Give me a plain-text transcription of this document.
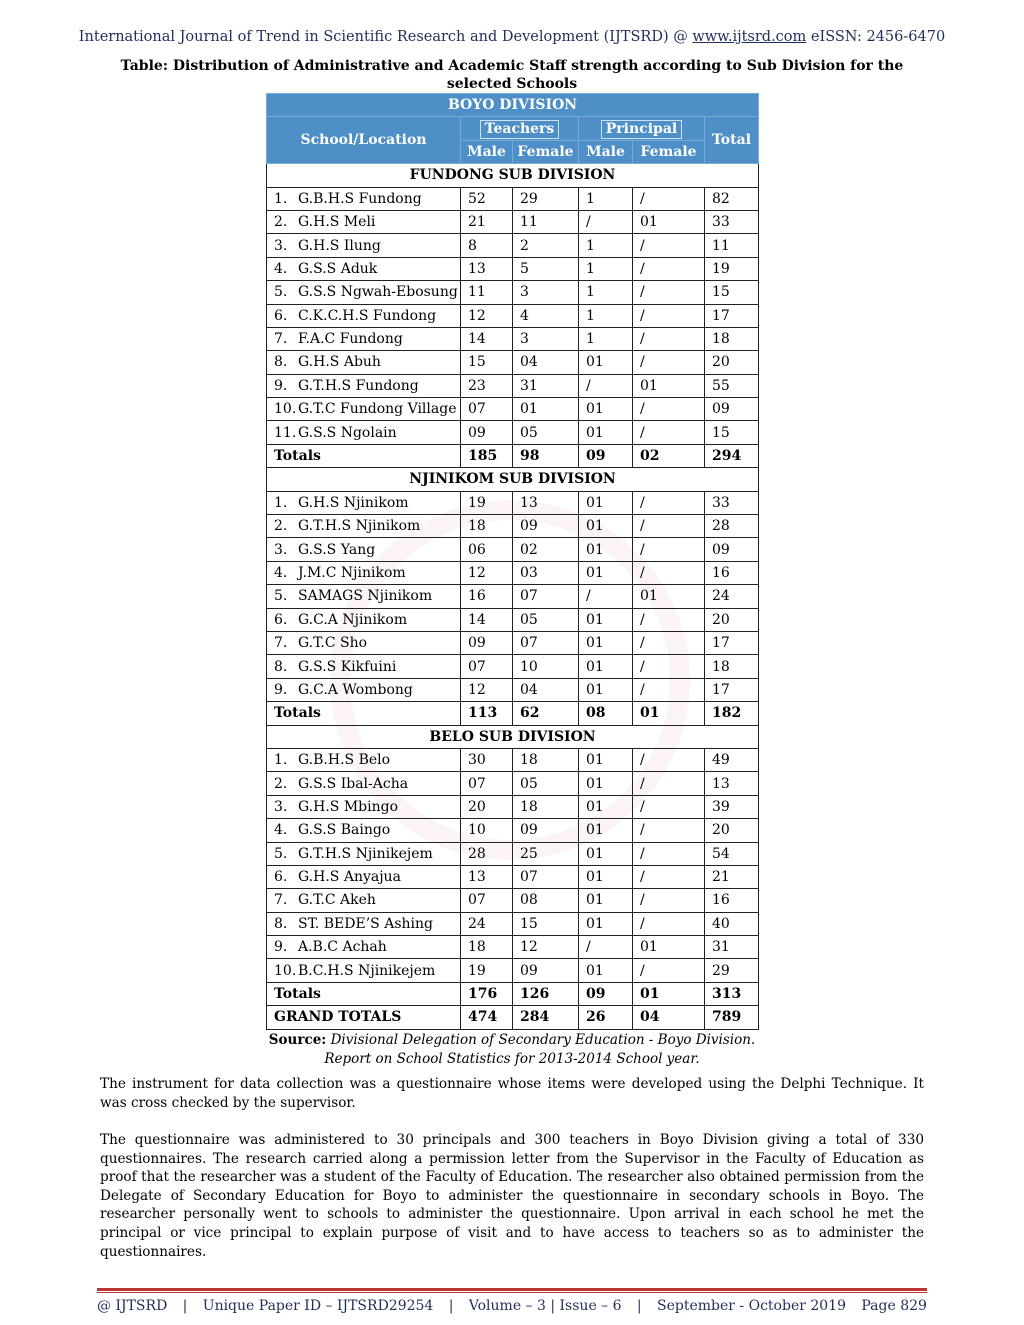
International Journal of Trend in Scientific Research and Development (IJTSRD) @ www.ijtsrd.com eISSN: 2456-6470
Table: Distribution of Administrative and Academic Staff strength according to Sub Division for the selected Schools
BOYO DIVISION					
School/Location	Teachers		Principal		Total
	Male	Female	Male	Female	
FUNDONG SUB DIVISION					
1. G.B.H.S Fundong	52	29	1	/	82
2. G.H.S Meli	21	11	/	01	33
3. G.H.S Ilung	8	2	1	/	11
4. G.S.S Aduk	13	5	1	/	19
5. G.S.S Ngwah-Ebosung	11	3	1	/	15
6. C.K.C.H.S Fundong	12	4	1	/	17
7. F.A.C Fundong	14	3	1	/	18
8. G.H.S Abuh	15	04	01	/	20
9. G.T.H.S Fundong	23	31	/	01	55
10. G.T.C Fundong Village	07	01	01	/	09
11. G.S.S Ngolain	09	05	01	/	15
Totals	185	98	09	02	294
NJINIKOM SUB DIVISION					
1. G.H.S Njinikom	19	13	01	/	33
2. G.T.H.S Njinikom	18	09	01	/	28
3. G.S.S Yang	06	02	01	/	09
4. J.M.C Njinikom	12	03	01	/	16
5. SAMAGS Njinikom	16	07	/	01	24
6. G.C.A Njinikom	14	05	01	/	20
7. G.T.C Sho	09	07	01	/	17
8. G.S.S Kikfuini	07	10	01	/	18
9. G.C.A Wombong	12	04	01	/	17
Totals	113	62	08	01	182
BELO SUB DIVISION					
1. G.B.H.S Belo	30	18	01	/	49
2. G.S.S Ibal-Acha	07	05	01	/	13
3. G.H.S Mbingo	20	18	01	/	39
4. G.S.S Baingo	10	09	01	/	20
5. G.T.H.S Njinikejem	28	25	01	/	54
6. G.H.S Anyajua	13	07	01	/	21
7. G.T.C Akeh	07	08	01	/	16
8. ST. BEDE’S Ashing	24	15	01	/	40
9. A.B.C Achah	18	12	/	01	31
10. B.C.H.S Njinikejem	19	09	01	/	29
Totals	176	126	09	01	313
GRAND TOTALS	474	284	26	04	789
Source: Divisional Delegation of Secondary Education - Boyo Division.
Report on School Statistics for 2013-2014 School year.

The instrument for data collection was a questionnaire whose items were developed using the Delphi Technique. It was cross checked by the supervisor.

The questionnaire was administered to 30 principals and 300 teachers in Boyo Division giving a total of 330 questionnaires. The research carried along a permission letter from the Supervisor in the Faculty of Education as proof that the researcher was a student of the Faculty of Education. The researcher also obtained permission from the Delegate of Secondary Education for Boyo to administer the questionnaire in secondary schools in Boyo. The researcher personally went to schools to administer the questionnaire. Upon arrival in each school he met the principal or vice principal to explain purpose of visit and to have access to teachers so as to administer the questionnaires.

@ IJTSRD | Unique Paper ID – IJTSRD29254 | Volume – 3 | Issue – 6 | September - October 2019 Page 829
